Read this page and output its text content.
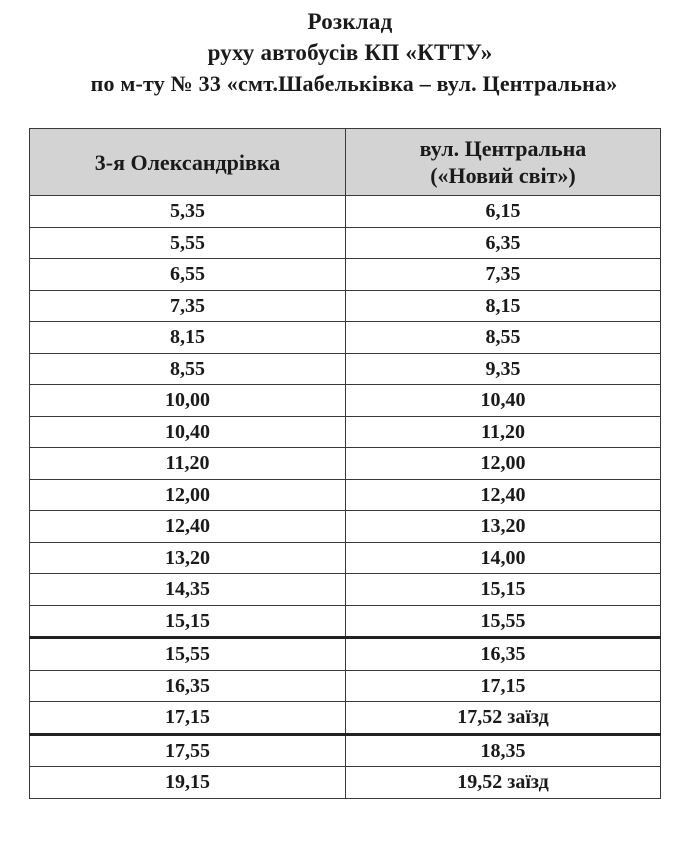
Розклад
руху автобусів КП «КТТУ»
по м-ту № 33 «смт.Шабельківка – вул. Центральна»
3-я Олександрівка	вул. Центральна
(«Новий світ»)

5,35	6,15
5,55	6,35
6,55	7,35
7,35	8,15
8,15	8,55
8,55	9,35
10,00	10,40
10,40	11,20
11,20	12,00
12,00	12,40
12,40	13,20
13,20	14,00
14,35	15,15
15,15	15,55
15,55	16,35
16,35	17,15
17,15	17,52 заїзд
17,55	18,35
19,15	19,52 заїзд
